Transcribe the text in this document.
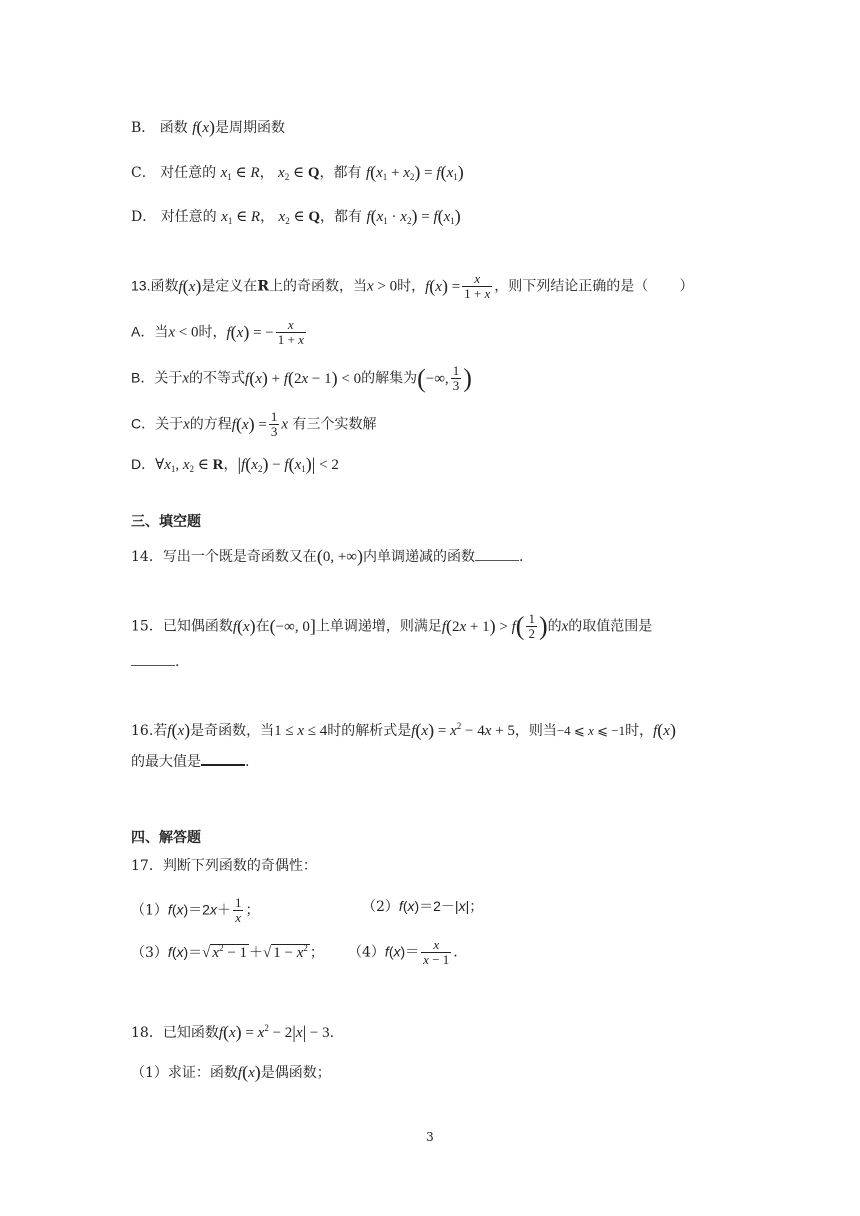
B． 函数 f(x)是周期函数
C． 对任意的 $x_1$ ∈ R， $x_2$ ∈ Q，都有 $f(x_1 + x_2) = f(x_1)$
D． 对任意的 $x_1$ ∈ R， $x_2$ ∈ Q，都有 $f(x_1 \cdot x_2) = f(x_1)$
13.函数f(x)是定义在R上的奇函数，当x > 0时，$f(x) = \frac{x}{1 + x}$ ，则下列结论正确的是（ ）
A．当x < 0时，f(x) = − $\frac{x}{1 + x}$
B．关于x的不等式f(x) + f(2x − 1) < 0的解集为(−∞, $\frac{1}{3}$ )
C．关于x的方程$f(x) = \frac{1}{3}$ x 有三个实数解
D．$\forall x_1$, $x_2$ ∈ R，$|f(x_2) - f(x_1)| < 2$
三、填空题
14．写出一个既是奇函数又在(0, +∞)内单调递减的函数	.
15．已知偶函数f(x)在(−∞, 0]上单调递增，则满足$f(2x + 1) > f( \frac{1}{2}$ )的x的取值范围是
.
16.若f(x)是奇函数，当1 ≤ x ≤ 4时的解析式是$f(x) = x^2 - 4x + 5$，则当−4 ⩽ x ⩽ −1时，f(x)
的最大值是	.
四、解答题
17．判断下列函数的奇偶性：
$(1)f(x)=2x+ \frac{1}{x}$ ；	（2）f(x)＝2－|x|；
（3）f(x)＝√ $x^2 - 1$ ＋√ $1 - x^2$ ； $(4)f(x)= \frac{x}{x - 1}$ .
18．已知函数$f(x) = x^2 - 2|x| - 3$.
（1）求证：函数f(x)是偶函数；
3
